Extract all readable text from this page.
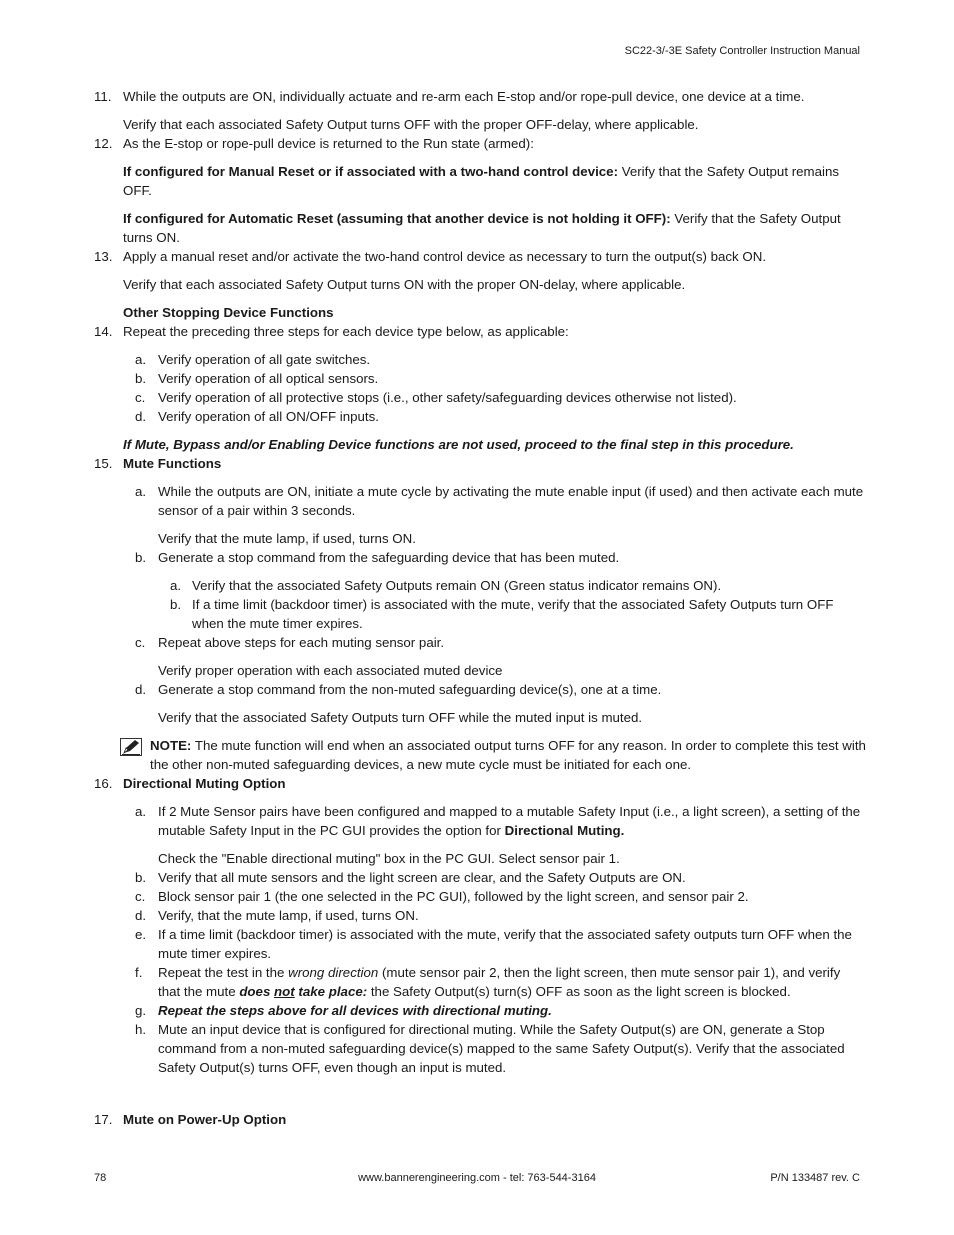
SC22-3/-3E Safety Controller Instruction Manual
11. While the outputs are ON, individually actuate and re-arm each E-stop and/or rope-pull device, one device at a time.
Verify that each associated Safety Output turns OFF with the proper OFF-delay, where applicable.
12. As the E-stop or rope-pull device is returned to the Run state (armed):
If configured for Manual Reset or if associated with a two-hand control device: Verify that the Safety Output remains OFF.
If configured for Automatic Reset (assuming that another device is not holding it OFF): Verify that the Safety Output turns ON.
13. Apply a manual reset and/or activate the two-hand control device as necessary to turn the output(s) back ON.
Verify that each associated Safety Output turns ON with the proper ON-delay, where applicable.
Other Stopping Device Functions
14. Repeat the preceding three steps for each device type below, as applicable:
a. Verify operation of all gate switches.
b. Verify operation of all optical sensors.
c. Verify operation of all protective stops (i.e., other safety/safeguarding devices otherwise not listed).
d. Verify operation of all ON/OFF inputs.
If Mute, Bypass and/or Enabling Device functions are not used, proceed to the final step in this procedure.
15. Mute Functions
a. While the outputs are ON, initiate a mute cycle by activating the mute enable input (if used) and then activate each mute sensor of a pair within 3 seconds.
Verify that the mute lamp, if used, turns ON.
b. Generate a stop command from the safeguarding device that has been muted.
a. Verify that the associated Safety Outputs remain ON (Green status indicator remains ON).
b. If a time limit (backdoor timer) is associated with the mute, verify that the associated Safety Outputs turn OFF when the mute timer expires.
c. Repeat above steps for each muting sensor pair.
Verify proper operation with each associated muted device
d. Generate a stop command from the non-muted safeguarding device(s), one at a time.
Verify that the associated Safety Outputs turn OFF while the muted input is muted.
NOTE: The mute function will end when an associated output turns OFF for any reason. In order to complete this test with the other non-muted safeguarding devices, a new mute cycle must be initiated for each one.
16. Directional Muting Option
a. If 2 Mute Sensor pairs have been configured and mapped to a mutable Safety Input (i.e., a light screen), a setting of the mutable Safety Input in the PC GUI provides the option for Directional Muting.
Check the "Enable directional muting" box in the PC GUI. Select sensor pair 1.
b. Verify that all mute sensors and the light screen are clear, and the Safety Outputs are ON.
c. Block sensor pair 1 (the one selected in the PC GUI), followed by the light screen, and sensor pair 2.
d. Verify, that the mute lamp, if used, turns ON.
e. If a time limit (backdoor timer) is associated with the mute, verify that the associated safety outputs turn OFF when the mute timer expires.
f.	Repeat the test in the wrong direction (mute sensor pair 2, then the light screen, then mute sensor pair 1), and verify that the mute does not take place: the Safety Output(s) turn(s) OFF as soon as the light screen is blocked.
g. Repeat the steps above for all devices with directional muting.
h. Mute an input device that is configured for directional muting. While the Safety Output(s) are ON, generate a Stop command from a non-muted safeguarding device(s) mapped to the same Safety Output(s). Verify that the associated Safety Output(s) turns OFF, even though an input is muted.
17. Mute on Power-Up Option
78	www.bannerengineering.com - tel: 763-544-3164	P/N 133487 rev. C
